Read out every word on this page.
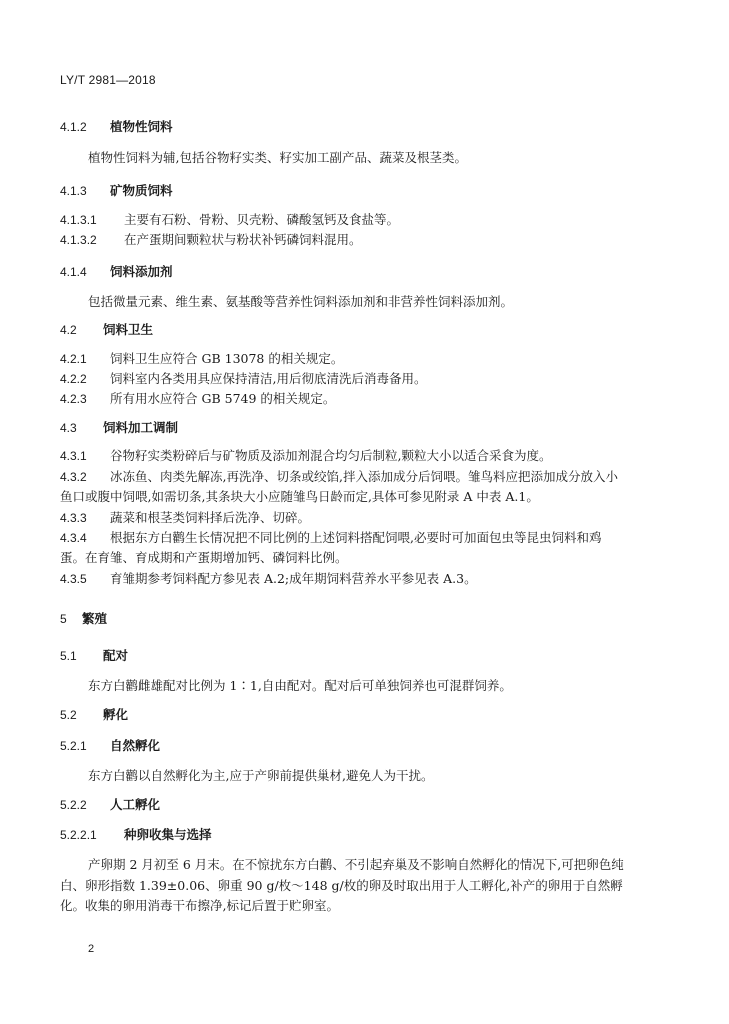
LY/T 2981—2018
4.1.2 植物性饲料
植物性饲料为辅,包括谷物籽实类、籽实加工副产品、蔬菜及根茎类。
4.1.3 矿物质饲料
4.1.3.1 主要有石粉、骨粉、贝壳粉、磷酸氢钙及食盐等。
4.1.3.2 在产蛋期间颗粒状与粉状补钙磷饲料混用。
4.1.4 饲料添加剂
包括微量元素、维生素、氨基酸等营养性饲料添加剂和非营养性饲料添加剂。
4.2 饲料卫生
4.2.1 饲料卫生应符合 GB 13078 的相关规定。
4.2.2 饲料室内各类用具应保持清洁,用后彻底清洗后消毒备用。
4.2.3 所有用水应符合 GB 5749 的相关规定。
4.3 饲料加工调制
4.3.1 谷物籽实类粉碎后与矿物质及添加剂混合均匀后制粒,颗粒大小以适合采食为度。
4.3.2 冰冻鱼、肉类先解冻,再洗净、切条或绞馅,拌入添加成分后饲喂。雏鸟料应把添加成分放入小
鱼口或腹中饲喂,如需切条,其条块大小应随雏鸟日龄而定,具体可参见附录 A 中表 A.1。
4.3.3 蔬菜和根茎类饲料择后洗净、切碎。
4.3.4 根据东方白鹳生长情况把不同比例的上述饲料搭配饲喂,必要时可加面包虫等昆虫饲料和鸡
蛋。在育雏、育成期和产蛋期增加钙、磷饲料比例。
4.3.5 育雏期参考饲料配方参见表 A.2;成年期饲料营养水平参见表 A.3。
5 繁殖
5.1 配对
东方白鹳雌雄配对比例为 1∶1,自由配对。配对后可单独饲养也可混群饲养。
5.2 孵化
5.2.1 自然孵化
东方白鹳以自然孵化为主,应于产卵前提供巢材,避免人为干扰。
5.2.2 人工孵化
5.2.2.1 种卵收集与选择
产卵期 2 月初至 6 月末。在不惊扰东方白鹳、不引起弃巢及不影响自然孵化的情况下,可把卵色纯
白、卵形指数 1.39±0.06、卵重 90 g/枚～148 g/枚的卵及时取出用于人工孵化,补产的卵用于自然孵
化。收集的卵用消毒干布擦净,标记后置于贮卵室。
2
